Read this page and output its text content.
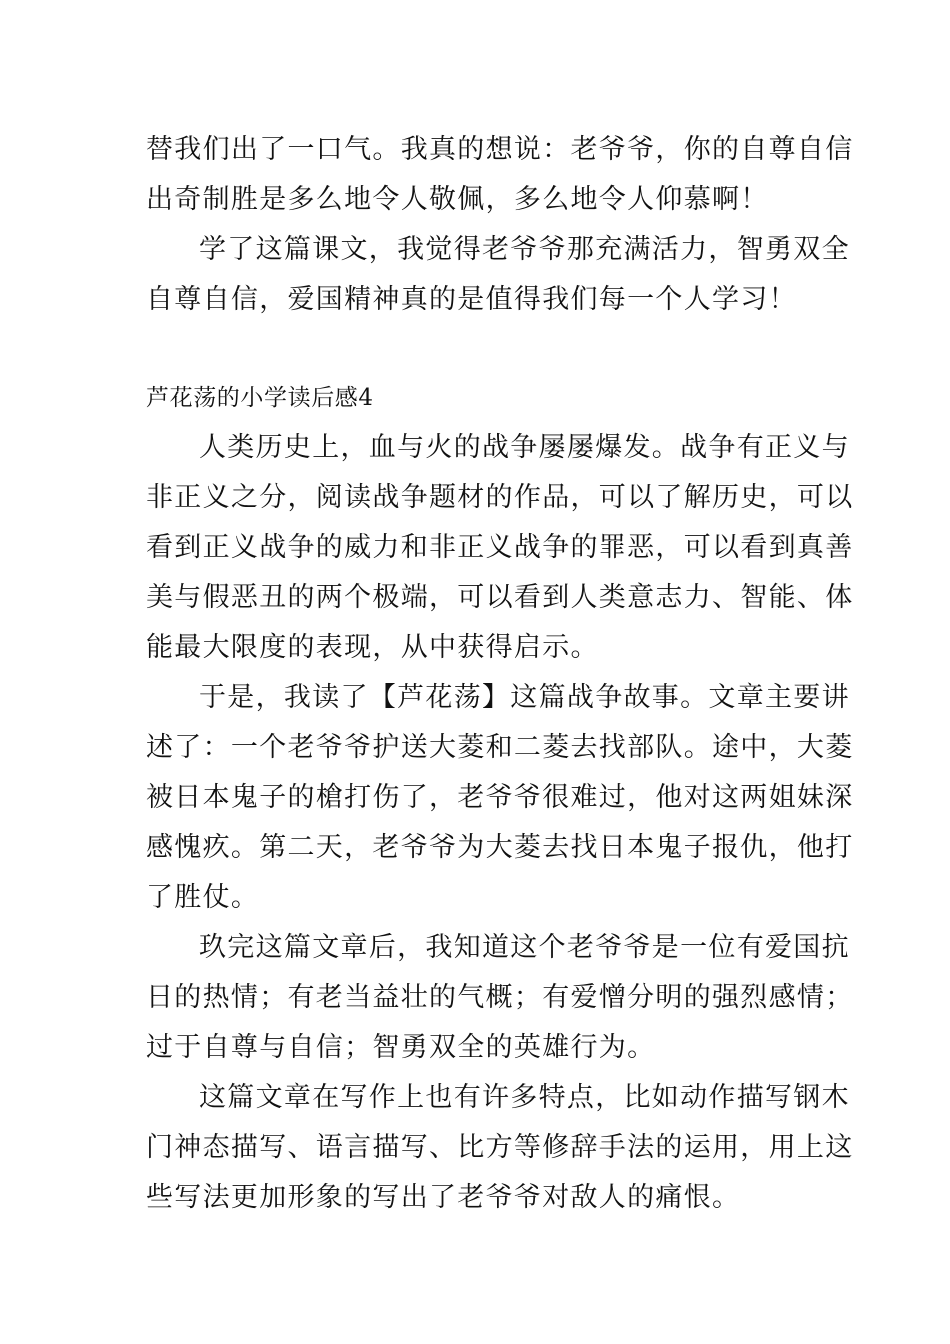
替我们出了一口气。我真的想说：老爷爷，你的自尊自信
出奇制胜是多么地令人敬佩，多么地令人仰慕啊！
学了这篇课文，我觉得老爷爷那充满活力，智勇双全
自尊自信，爱国精神真的是值得我们每一个人学习！
芦花荡的小学读后感4
人类历史上，血与火的战争屡屡爆发。战争有正义与
非正义之分，阅读战争题材的作品，可以了解历史，可以
看到正义战争的威力和非正义战争的罪恶，可以看到真善
美与假恶丑的两个极端，可以看到人类意志力、智能、体
能最大限度的表现，从中获得启示。
于是，我读了【芦花荡】这篇战争故事。文章主要讲
述了：一个老爷爷护送大菱和二菱去找部队。途中，大菱
被日本鬼子的槍打伤了，老爷爷很难过，他对这两姐妹深
感愧疚。第二天，老爷爷为大菱去找日本鬼子报仇，他打
了胜仗。
玖完这篇文章后，我知道这个老爷爷是一位有爱国抗
日的热情；有老当益壮的气概；有爱憎分明的强烈感情；
过于自尊与自信；智勇双全的英雄行为。
这篇文章在写作上也有许多特点，比如动作描写钢木
门神态描写、语言描写、比方等修辞手法的运用，用上这
些写法更加形象的写出了老爷爷对敌人的痛恨。
